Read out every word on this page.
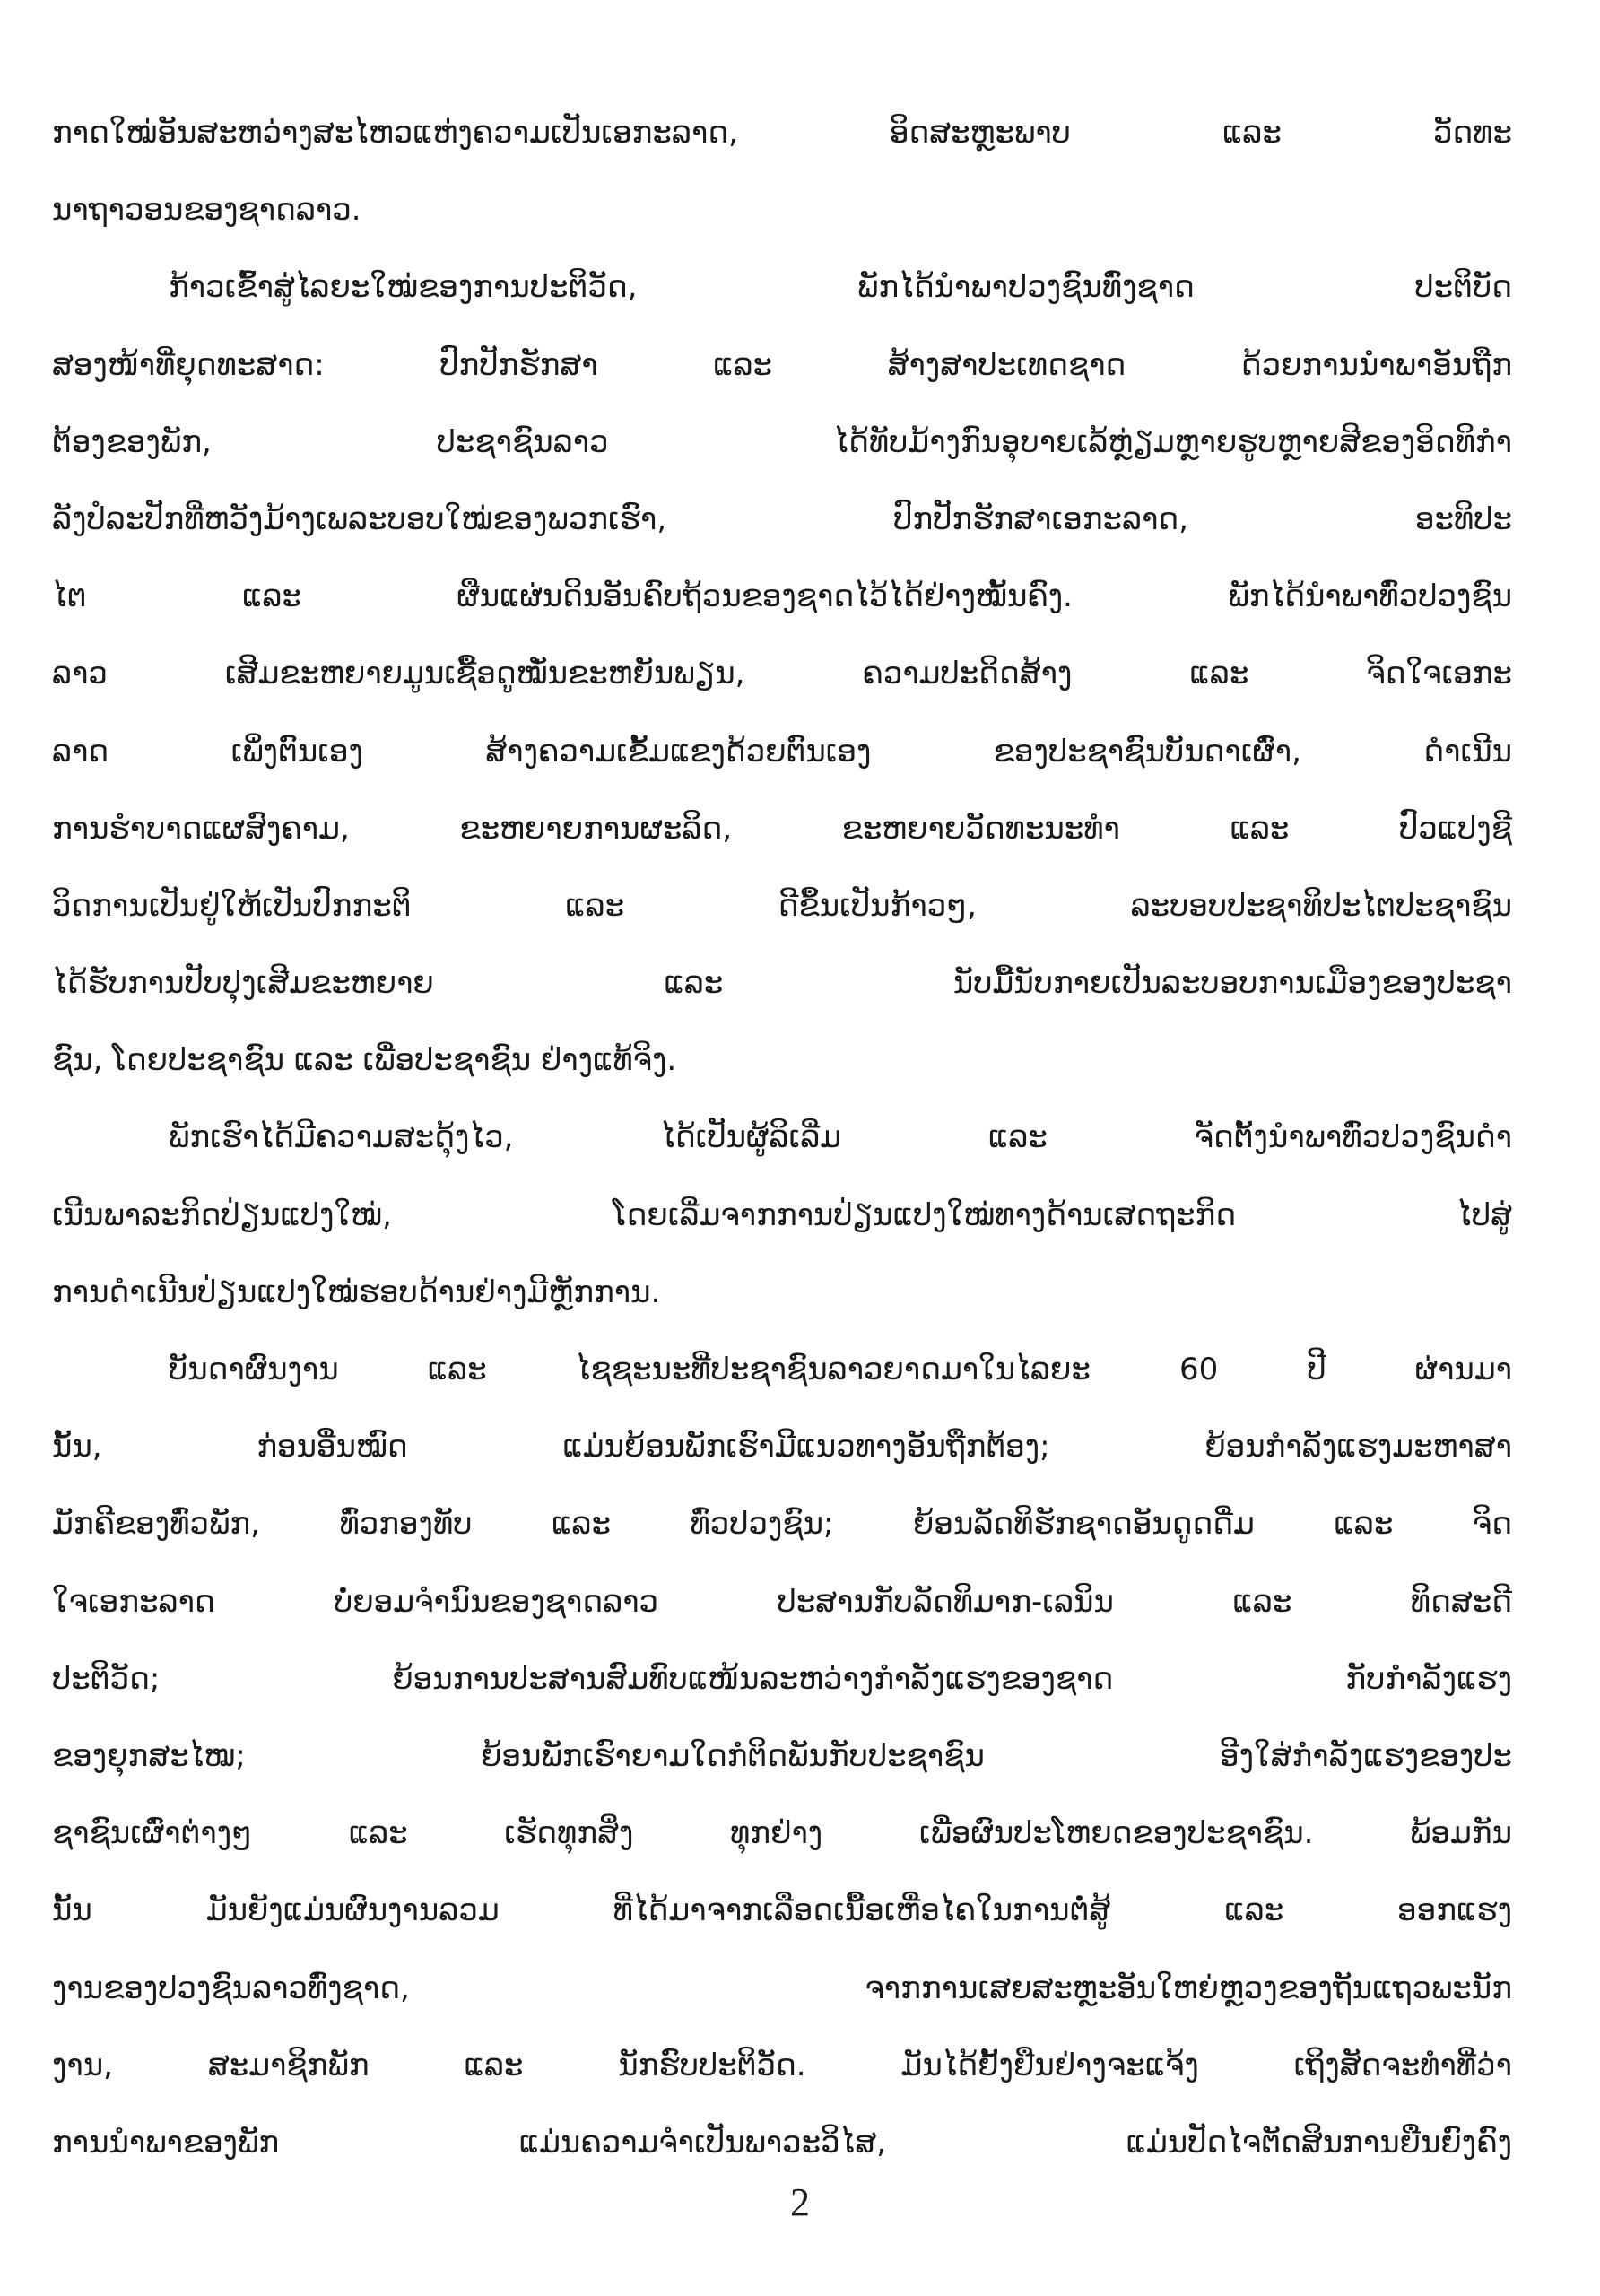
ກາດໃໝ່ອັນສະຫວ່າງສະໄຫວແຫ່ງຄວາມເປັນເອກະລາດ, ອິດສະຫຼະພາບ ແລະ ວັດທະ
ນາຖາວອນຂອງຊາດລາວ.
ກ້າວເຂົ້າສູ່ໄລຍະໃໝ່ຂອງການປະຕິວັດ, ພັກໄດ້ນຳພາປວງຊົນທົ່ງຊາດ ປະຕິບັດ
ສອງໜ້າທີ່ຍຸດທະສາດ: ປົກປັກຮັກສາ ແລະ ສ້າງສາປະເທດຊາດ ດ້ວຍການນຳພາອັນຖືກ
ຕ້ອງຂອງພັກ, ປະຊາຊົນລາວ ໄດ້ທັບມ້າງກົນອຸບາຍເລ້ຫຼ່ຽມຫຼາຍຮູບຫຼາຍສີຂອງອິດທິກຳ
ລັງປໍລະປັກທີ່ຫວັງມ້າງເພລະບອບໃໝ່ຂອງພວກເຮົາ, ປົກປັກຮັກສາເອກະລາດ, ອະທິປະ
ໄຕ ແລະ ຜືນແຜ່ນດິນອັນຄົບຖ້ວນຂອງຊາດໄວ້ໄດ້ຢ່າງໝັ້ນຄົງ. ພັກໄດ້ນຳພາທົ່ວປວງຊົນ
ລາວ ເສີມຂະຫຍາຍມູນເຊື້ອດູໝັ່ນຂະຫຍັນພຽນ, ຄວາມປະດິດສ້າງ ແລະ ຈິດໃຈເອກະ
ລາດ ເພິ່ງຕົນເອງ ສ້າງຄວາມເຂັ້ມແຂງດ້ວຍຕົນເອງ ຂອງປະຊາຊົນບັນດາເຜົ່າ, ດຳເນີນ
ການຮຳບາດແຜສົງຄາມ, ຂະຫຍາຍການຜະລິດ, ຂະຫຍາຍວັດທະນະທຳ ແລະ ປົວແປງຊີ
ວິດການເປັນຢູ່ໃຫ້ເປັນປົກກະຕິ ແລະ ດີຂຶ້ນເປັນກ້າວໆ, ລະບອບປະຊາທິປະໄຕປະຊາຊົນ
ໄດ້ຮັບການປັບປຸງເສີມຂະຫຍາຍ ແລະ ນັບມື້ນັບກາຍເປັນລະບອບການເມືອງຂອງປະຊາ
ຊົນ, ໂດຍປະຊາຊົນ ແລະ ເພື່ອປະຊາຊົນ ຢ່າງແທ້ຈິງ.
ພັກເຮົາໄດ້ມີຄວາມສະດຸ້ງໄວ, ໄດ້ເປັນຜູ້ລິເລີ່ມ ແລະ ຈັດຕັ້ງນຳພາທົ່ວປວງຊົນດຳ
ເນີນພາລະກິດປ່ຽນແປງໃໝ່, ໂດຍເລີ່ມຈາກການປ່ຽນແປງໃໝ່ທາງດ້ານເສດຖະກິດ ໄປສູ່
ການດຳເນີນປ່ຽນແປງໃໝ່ຮອບດ້ານຢ່າງມີຫຼັກການ.
ບັນດາຜົນງານ ແລະ ໄຊຊະນະທີ່ປະຊາຊົນລາວຍາດມາໃນໄລຍະ 60 ປີ ຜ່ານມາ
ນັ້ນ, ກ່ອນອື່ນໝົດ ແມ່ນຍ້ອນພັກເຮົາມີແນວທາງອັນຖືກຕ້ອງ; ຍ້ອນກຳລັງແຮງມະຫາສາ
ມັກຄີຂອງທົ່ວພັກ, ທົ່ວກອງທັບ ແລະ ທົ່ວປວງຊົນ; ຍ້ອນລັດທິຮັກຊາດອັນດູດດື່ມ ແລະ ຈິດ
ໃຈເອກະລາດ ບໍ່ຍອມຈຳນົນຂອງຊາດລາວ ປະສານກັບລັດທິມາກ-ເລນິນ ແລະ ທິດສະດີ
ປະຕິວັດ; ຍ້ອນການປະສານສົມທົບແໜ້ນລະຫວ່າງກຳລັງແຮງຂອງຊາດ ກັບກຳລັງແຮງ
ຂອງຍຸກສະໄໝ; ຍ້ອນພັກເຮົາຍາມໃດກໍຕິດພັນກັບປະຊາຊົນ ອີງໃສ່ກຳລັງແຮງຂອງປະ
ຊາຊົນເຜົ່າຕ່າງໆ ແລະ ເຮັດທຸກສິ່ງ ທຸກຢ່າງ ເພື່ອຜົນປະໂຫຍດຂອງປະຊາຊົນ. ພ້ອມກັນ
ນັ້ນ ມັນຍັງແມ່ນຜົນງານລວມ ທີ່ໄດ້ມາຈາກເລືອດເນື້ອເຫື່ອໄຄໃນການຕໍ່ສູ້ ແລະ ອອກແຮງ
ງານຂອງປວງຊົນລາວທົ່ງຊາດ, ຈາກການເສຍສະຫຼະອັນໃຫຍ່ຫຼວງຂອງຖັນແຖວພະນັກ
ງານ, ສະມາຊິກພັກ ແລະ ນັກຮົບປະຕິວັດ. ມັນໄດ້ຢັ້ງຢືນຢ່າງຈະແຈ້ງ ເຖິງສັດຈະທຳທີ່ວ່າ
ການນຳພາຂອງພັກ ແມ່ນຄວາມຈຳເປັນພາວະວິໄສ, ແມ່ນປັດໄຈຕັດສິນການຍືນຍົງຄົງ
2
